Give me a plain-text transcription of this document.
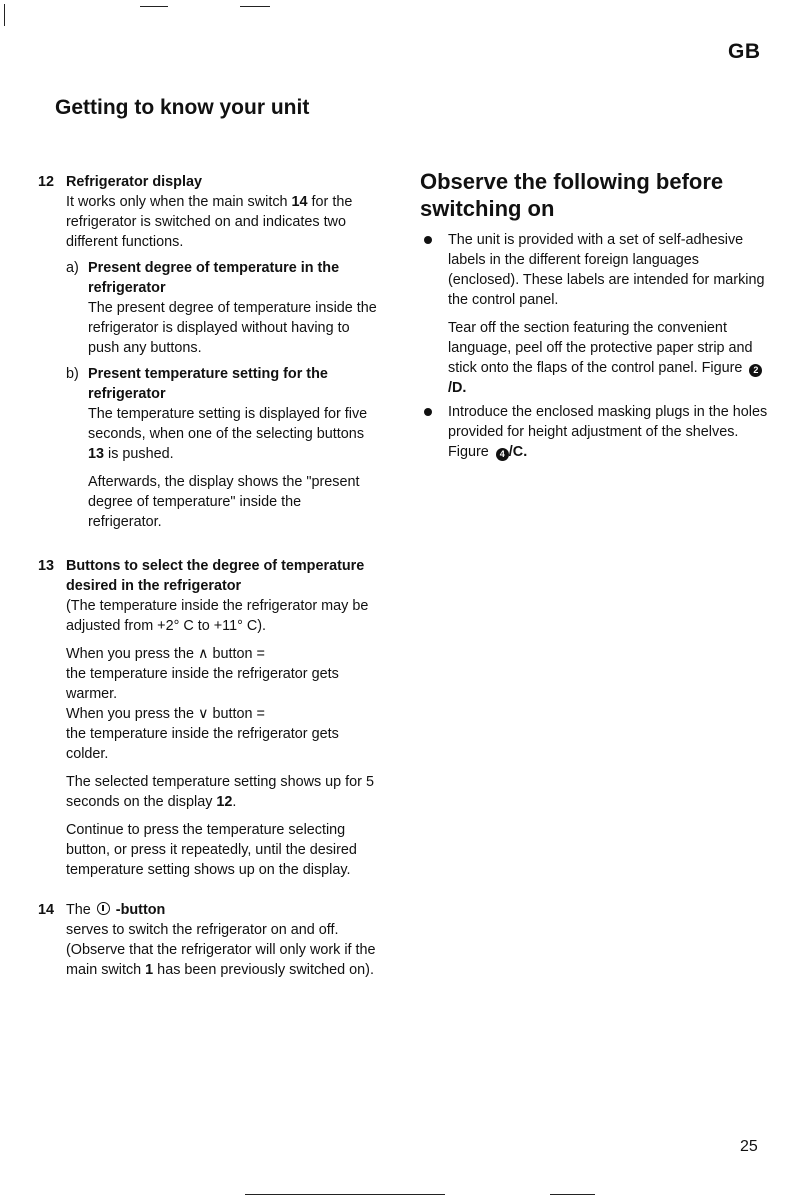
GB
Getting to know your unit
12 Refrigerator display

It works only when the main switch 14 for the refrigerator is switched on and indicates two different functions.

a) Present degree of temperature in the refrigerator

The present degree of temperature inside the refrigerator is displayed without having to push any buttons.

b) Present temperature setting for the refrigerator

The temperature setting is displayed for five seconds, when one of the selecting buttons 13 is pushed.

Afterwards, the display shows the "present degree of temperature" inside the refrigerator.

13 Buttons to select the degree of temperature desired in the refrigerator

(The temperature inside the refrigerator may be adjusted from +2° C to +11° C).

When you press the ∧ button =

the temperature inside the refrigerator gets warmer.

When you press the ∨ button =

the temperature inside the refrigerator gets colder.

The selected temperature setting shows up for 5 seconds on the display 12.

Continue to press the temperature selecting button, or press it repeatedly, until the desired temperature setting shows up on the display.

14 The  -button

serves to switch the refrigerator on and off. (Observe that the refrigerator will only work if the main switch 1 has been previously switched on).

Observe the following before switching on

The unit is provided with a set of self-adhesive labels in the different foreign languages (enclosed). These labels are intended for marking the control panel.

Tear off the section featuring the convenient language, peel off the protective paper strip and stick onto the flaps of the control panel. Figure 2/D.

Introduce the enclosed masking plugs in the holes provided for height adjustment of the shelves. Figure 4 /C.

25
